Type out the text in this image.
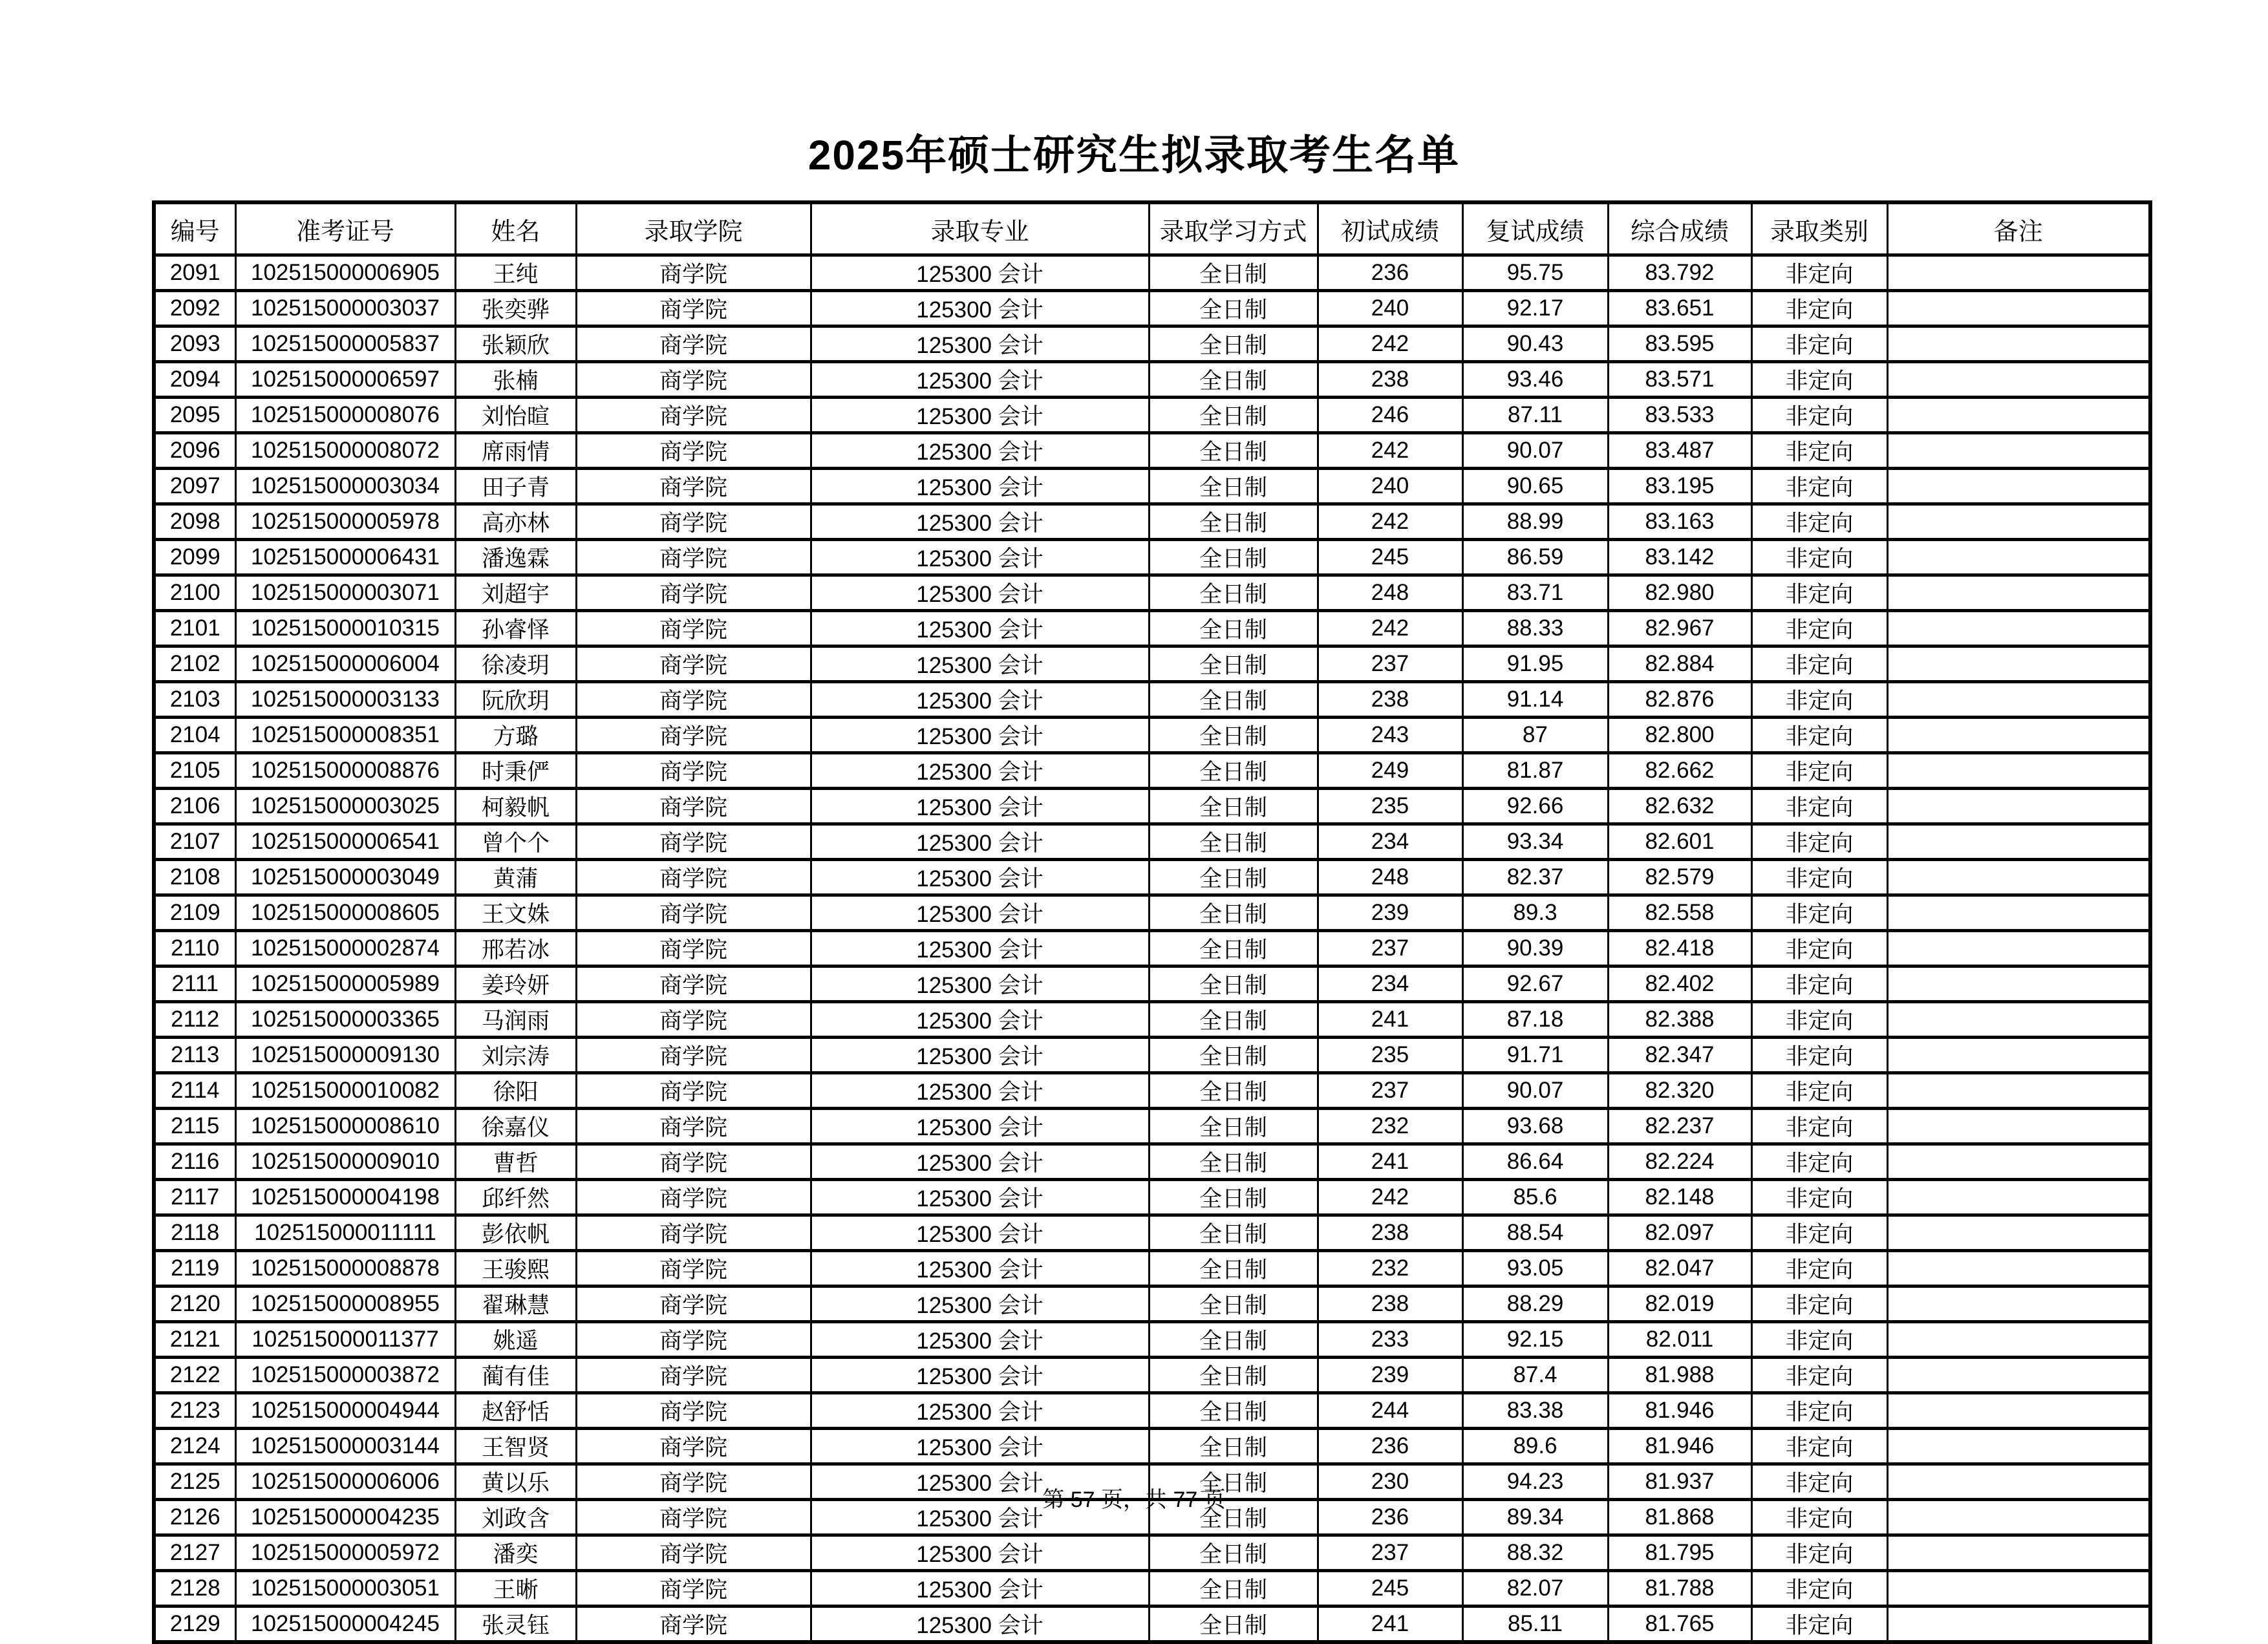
2025年硕士研究生拟录取考生名单
编号	准考证号	姓名	录取学院	录取专业	录取学习方式	初试成绩	复试成绩	综合成绩	录取类别	备注
2091	102515000006905	王纯	商学院	125300 会计	全日制	236	95.75	83.792	非定向	
2092	102515000003037	张奕骅	商学院	125300 会计	全日制	240	92.17	83.651	非定向	
2093	102515000005837	张颖欣	商学院	125300 会计	全日制	242	90.43	83.595	非定向	
2094	102515000006597	张楠	商学院	125300 会计	全日制	238	93.46	83.571	非定向	
2095	102515000008076	刘怡暄	商学院	125300 会计	全日制	246	87.11	83.533	非定向	
2096	102515000008072	席雨情	商学院	125300 会计	全日制	242	90.07	83.487	非定向	
2097	102515000003034	田子青	商学院	125300 会计	全日制	240	90.65	83.195	非定向	
2098	102515000005978	高亦林	商学院	125300 会计	全日制	242	88.99	83.163	非定向	
2099	102515000006431	潘逸霖	商学院	125300 会计	全日制	245	86.59	83.142	非定向	
2100	102515000003071	刘超宇	商学院	125300 会计	全日制	248	83.71	82.980	非定向	
2101	102515000010315	孙睿怿	商学院	125300 会计	全日制	242	88.33	82.967	非定向	
2102	102515000006004	徐凌玥	商学院	125300 会计	全日制	237	91.95	82.884	非定向	
2103	102515000003133	阮欣玥	商学院	125300 会计	全日制	238	91.14	82.876	非定向	
2104	102515000008351	方璐	商学院	125300 会计	全日制	243	87	82.800	非定向	
2105	102515000008876	时秉俨	商学院	125300 会计	全日制	249	81.87	82.662	非定向	
2106	102515000003025	柯毅帆	商学院	125300 会计	全日制	235	92.66	82.632	非定向	
2107	102515000006541	曾个个	商学院	125300 会计	全日制	234	93.34	82.601	非定向	
2108	102515000003049	黄蒲	商学院	125300 会计	全日制	248	82.37	82.579	非定向	
2109	102515000008605	王文姝	商学院	125300 会计	全日制	239	89.3	82.558	非定向	
2110	102515000002874	邢若冰	商学院	125300 会计	全日制	237	90.39	82.418	非定向	
2111	102515000005989	姜玲妍	商学院	125300 会计	全日制	234	92.67	82.402	非定向	
2112	102515000003365	马润雨	商学院	125300 会计	全日制	241	87.18	82.388	非定向	
2113	102515000009130	刘宗涛	商学院	125300 会计	全日制	235	91.71	82.347	非定向	
2114	102515000010082	徐阳	商学院	125300 会计	全日制	237	90.07	82.320	非定向	
2115	102515000008610	徐嘉仪	商学院	125300 会计	全日制	232	93.68	82.237	非定向	
2116	102515000009010	曹哲	商学院	125300 会计	全日制	241	86.64	82.224	非定向	
2117	102515000004198	邱纤然	商学院	125300 会计	全日制	242	85.6	82.148	非定向	
2118	102515000011111	彭依帆	商学院	125300 会计	全日制	238	88.54	82.097	非定向	
2119	102515000008878	王骏熙	商学院	125300 会计	全日制	232	93.05	82.047	非定向	
2120	102515000008955	翟琳慧	商学院	125300 会计	全日制	238	88.29	82.019	非定向	
2121	102515000011377	姚遥	商学院	125300 会计	全日制	233	92.15	82.011	非定向	
2122	102515000003872	蔺有佳	商学院	125300 会计	全日制	239	87.4	81.988	非定向	
2123	102515000004944	赵舒恬	商学院	125300 会计	全日制	244	83.38	81.946	非定向	
2124	102515000003144	王智贤	商学院	125300 会计	全日制	236	89.6	81.946	非定向	
2125	102515000006006	黄以乐	商学院	125300 会计	全日制	230	94.23	81.937	非定向	
2126	102515000004235	刘政含	商学院	125300 会计	全日制	236	89.34	81.868	非定向	
2127	102515000005972	潘奕	商学院	125300 会计	全日制	237	88.32	81.795	非定向	
2128	102515000003051	王晰	商学院	125300 会计	全日制	245	82.07	81.788	非定向	
2129	102515000004245	张灵钰	商学院	125300 会计	全日制	241	85.11	81.765	非定向	
第 57 页，共 77 页
